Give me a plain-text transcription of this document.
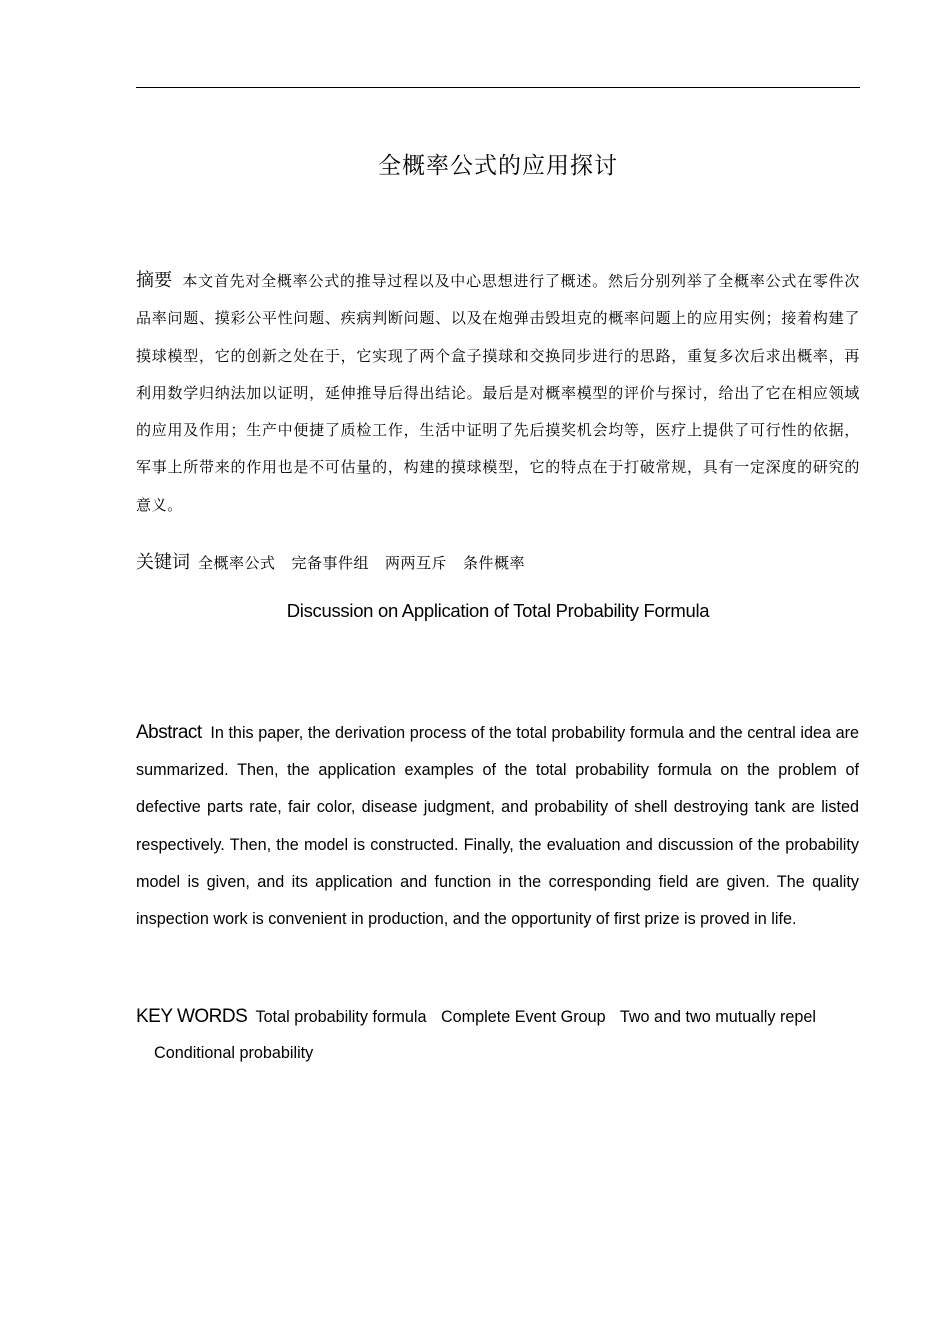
全概率公式的应用探讨
摘要 本文首先对全概率公式的推导过程以及中心思想进行了概述。然后分别列举了全概率公式在零件次品率问题、摸彩公平性问题、疾病判断问题、以及在炮弹击毁坦克的概率问题上的应用实例；接着构建了摸球模型，它的创新之处在于，它实现了两个盒子摸球和交换同步进行的思路，重复多次后求出概率，再利用数学归纳法加以证明，延伸推导后得出结论。最后是对概率模型的评价与探讨，给出了它在相应领域的应用及作用；生产中便捷了质检工作，生活中证明了先后摸奖机会均等，医疗上提供了可行性的依据，军事上所带来的作用也是不可估量的，构建的摸球模型，它的特点在于打破常规，具有一定深度的研究的意义。
关键词 全概率公式 完备事件组 两两互斥 条件概率
Discussion on Application of Total Probability Formula
Abstract In this paper, the derivation process of the total probability formula and the central idea are summarized. Then, the application examples of the total probability formula on the problem of defective parts rate, fair color, disease judgment, and probability of shell destroying tank are listed respectively. Then, the model is constructed. Finally, the evaluation and discussion of the probability model is given, and its application and function in the corresponding field are given. The quality inspection work is convenient in production, and the opportunity of first prize is proved in life.
KEY WORDS Total probability formula Complete Event Group Two and two mutually repel
Conditional probability
